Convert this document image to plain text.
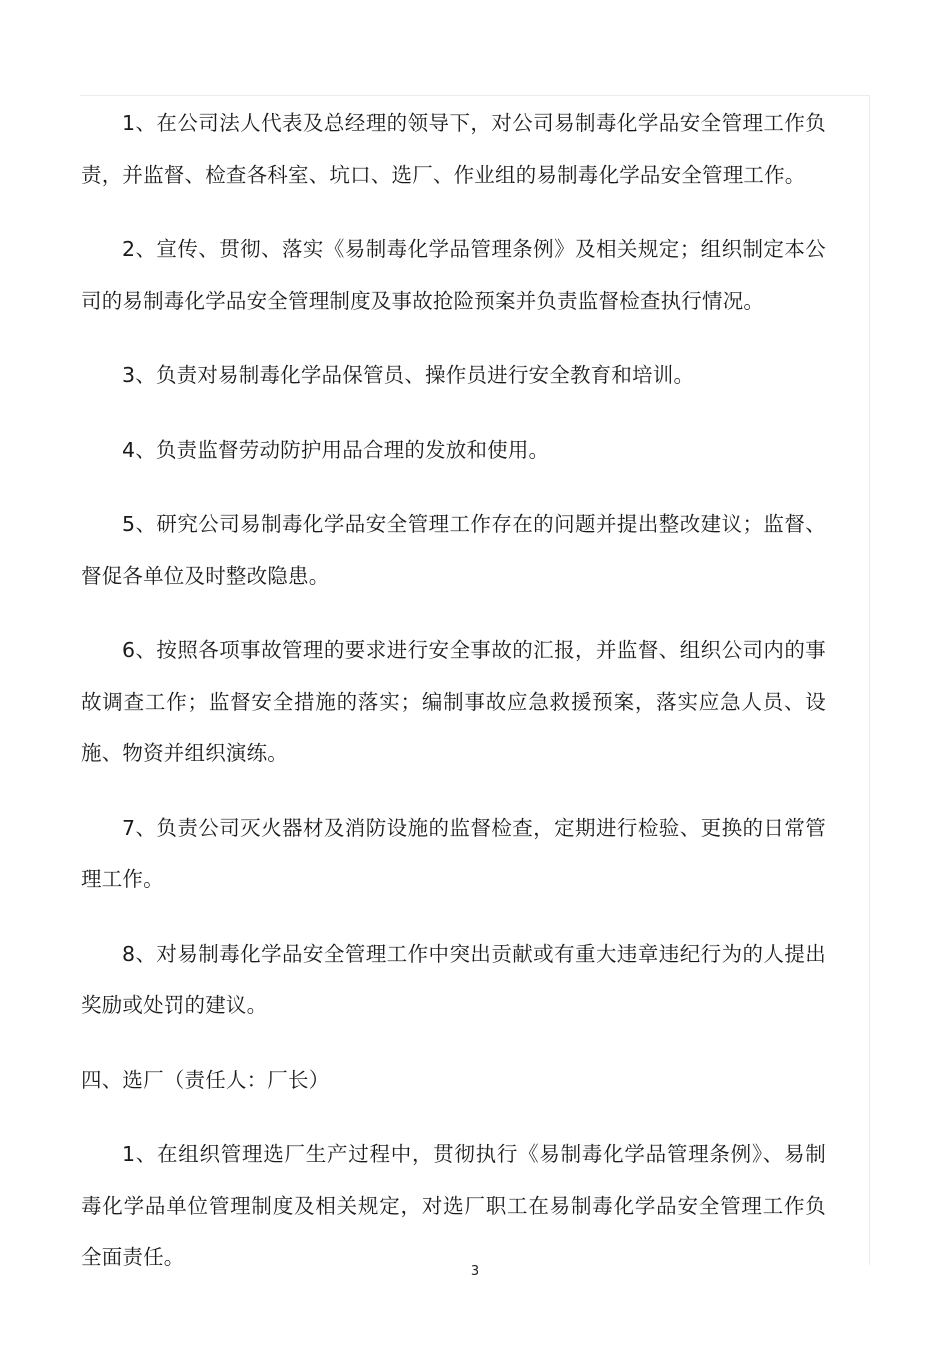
1、在公司法人代表及总经理的领导下，对公司易制毒化学品安全管理工作负责，并监督、检查各科室、坑口、选厂、作业组的易制毒化学品安全管理工作。

2、宣传、贯彻、落实《易制毒化学品管理条例》及相关规定；组织制定本公司的易制毒化学品安全管理制度及事故抢险预案并负责监督检查执行情况。

3、负责对易制毒化学品保管员、操作员进行安全教育和培训。

4、负责监督劳动防护用品合理的发放和使用。

5、研究公司易制毒化学品安全管理工作存在的问题并提出整改建议；监督、督促各单位及时整改隐患。

6、按照各项事故管理的要求进行安全事故的汇报，并监督、组织公司内的事故调查工作；监督安全措施的落实；编制事故应急救援预案，落实应急人员、设施、物资并组织演练。

7、负责公司灭火器材及消防设施的监督检查，定期进行检验、更换的日常管理工作。

8、对易制毒化学品安全管理工作中突出贡献或有重大违章违纪行为的人提出奖励或处罚的建议。

四、选厂（责任人：厂长）

1、在组织管理选厂生产过程中，贯彻执行《易制毒化学品管理条例》、易制毒化学品单位管理制度及相关规定，对选厂职工在易制毒化学品安全管理工作负全面责任。

3
